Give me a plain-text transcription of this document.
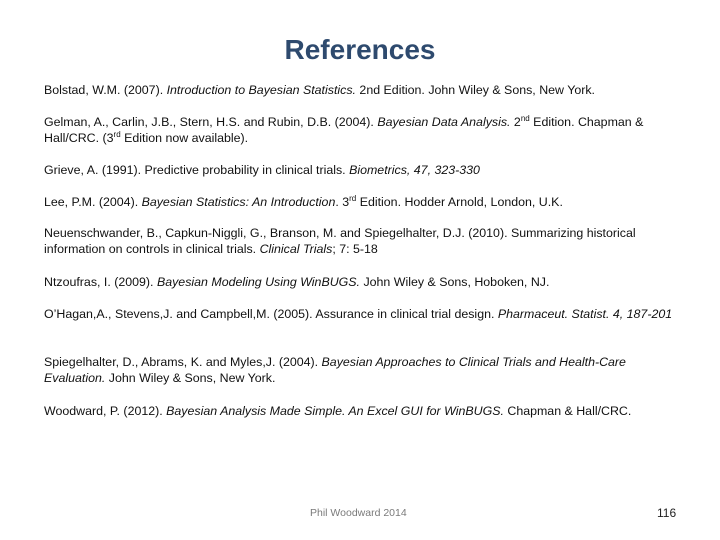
References

Bolstad, W.M. (2007). Introduction to Bayesian Statistics. 2nd Edition. John Wiley & Sons, New York.

Gelman, A., Carlin, J.B., Stern, H.S. and Rubin, D.B. (2004). Bayesian Data Analysis. 2nd Edition. Chapman & Hall/CRC. (3rd Edition now available).

Grieve, A. (1991). Predictive probability in clinical trials. Biometrics, 47, 323-330

Lee, P.M. (2004). Bayesian Statistics: An Introduction. 3rd Edition. Hodder Arnold, London, U.K.

Neuenschwander, B., Capkun-Niggli, G., Branson, M. and Spiegelhalter, D.J. (2010). Summarizing historical information on controls in clinical trials. Clinical Trials; 7: 5-18

Ntzoufras, I. (2009). Bayesian Modeling Using WinBUGS. John Wiley & Sons, Hoboken, NJ.

O’Hagan,A., Stevens,J. and Campbell,M. (2005). Assurance in clinical trial design. Pharmaceut. Statist. 4, 187-201

Spiegelhalter, D., Abrams, K. and Myles,J. (2004). Bayesian Approaches to Clinical Trials and Health-Care Evaluation. John Wiley & Sons, New York.

Woodward, P. (2012). Bayesian Analysis Made Simple. An Excel GUI for WinBUGS. Chapman & Hall/CRC.

Phil Woodward 2014	116
